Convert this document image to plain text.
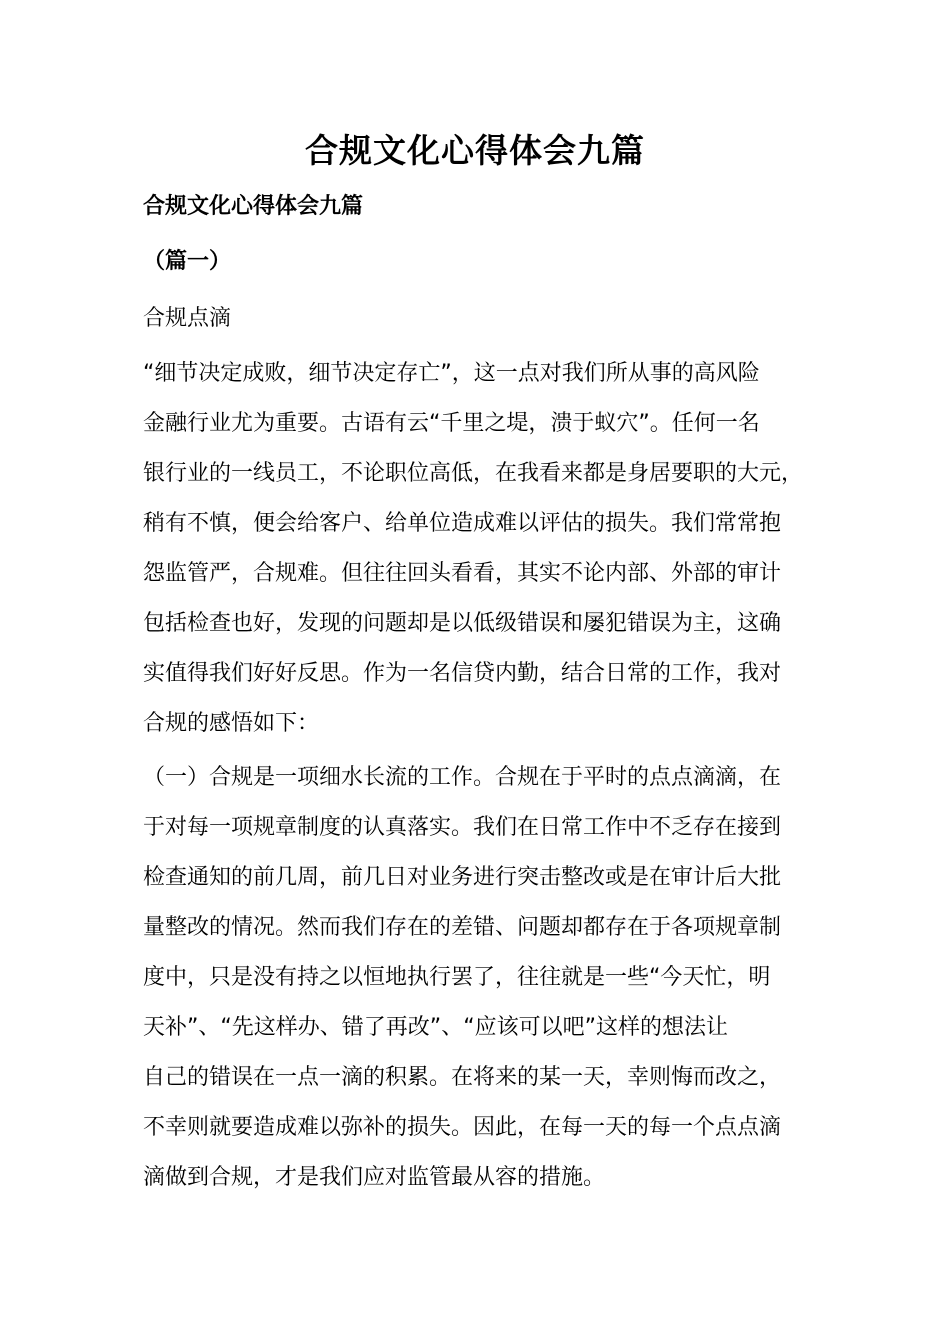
合规文化心得体会九篇
合规文化心得体会九篇
（篇一）
合规点滴
“细节决定成败，细节决定存亡”，这一点对我们所从事的高风险
金融行业尤为重要。古语有云“千里之堤，溃于蚁穴”。任何一名
银行业的一线员工，不论职位高低，在我看来都是身居要职的大元，
稍有不慎，便会给客户、给单位造成难以评估的损失。我们常常抱
怨监管严，合规难。但往往回头看看，其实不论内部、外部的审计
包括检查也好，发现的问题却是以低级错误和屡犯错误为主，这确
实值得我们好好反思。作为一名信贷内勤，结合日常的工作，我对
合规的感悟如下：
（一）合规是一项细水长流的工作。合规在于平时的点点滴滴，在
于对每一项规章制度的认真落实。我们在日常工作中不乏存在接到
检查通知的前几周，前几日对业务进行突击整改或是在审计后大批
量整改的情况。然而我们存在的差错、问题却都存在于各项规章制
度中，只是没有持之以恒地执行罢了，往往就是一些“今天忙，明
天补”、“先这样办、错了再改”、“应该可以吧”这样的想法让
自己的错误在一点一滴的积累。在将来的某一天，幸则悔而改之，
不幸则就要造成难以弥补的损失。因此，在每一天的每一个点点滴
滴做到合规，才是我们应对监管最从容的措施。
